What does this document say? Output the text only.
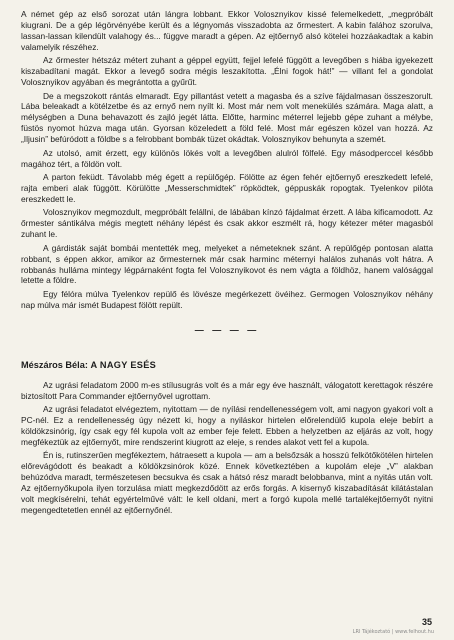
A német gép az első sorozat után lángra lobbant. Ekkor Volosznyikov kissé felemelkedett, „megpróbált kiugrani. De a gép légörvényébe került és a légnyomás visszadobta az őrmestert. A kabin falához szorulva, lassan-lassan kilendült valahogy és... függve maradt a gépen. Az ejtőernyő alsó kötelei hozzáakadtak a kabin valamelyik részéhez.

Az őrmester hétszáz métert zuhant a géppel együtt, fejjel lefelé függött a levegőben s hiába igyekezett kiszabadítani magát. Ekkor a levegő sodra mégis leszakította. „Élni fogok hát!” — villant fel a gondolat Volosznyikov agyában és megrántotta a gyűrűt.

De a megszokott rántás elmaradt. Egy pillantást vetett a magasba és a szíve fájdalmasan összeszorult. Lába beleakadt a kötélzetbe és az ernyő nem nyílt ki. Most már nem volt menekülés számára. Maga alatt, a mélységben a Duna behavazott és zajló jegét látta. Előtte, harminc méterrel lejjebb gépe zuhant a mélybe, füstös nyomot húzva maga után. Gyorsan közeledett a föld felé. Most már egészen közel van hozzá. Az „Iljusin” befúródott a földbe s a felrobbant bombák tüzet okádtak. Volosznyikov behunyta a szemét.

Az utolsó, amit érzett, egy különös lökés volt a levegőben alulról fölfelé. Egy másodperccel később magához tért, a földön volt.

A parton feküdt. Távolabb még égett a repülőgép. Fölötte az égen fehér ejtőernyő ereszkedett lefelé, rajta emberi alak függött. Körülötte „Messerschmidtek” röpködtek, géppuskák ropogtak. Tyelenkov pilóta ereszkedett le.

Volosznyikov megmozdult, megpróbált felállni, de lábában kínzó fájdalmat érzett. A lába kificamodott. Az őrmester sántikálva mégis megtett néhány lépést és csak akkor eszmélt rá, hogy kétezer méter magasból zuhant le.

A gárdisták saját bombái mentették meg, melyeket a németeknek szánt. A repülőgép pontosan alatta robbant, s éppen akkor, amikor az őrmesternek már csak harminc méternyi halálos zuhanás volt hátra. A robbanás hulláma mintegy légpárnaként fogta fel Volosznyikovot és nem vágta a földhöz, hanem valósággal letette a földre.

Egy félóra múlva Tyelenkov repülő és lövésze megérkezett övéihez. Germogen Volosznyikov néhány nap múlva már ismét Budapest fölött repült.

— — — —
Mészáros Béla: A NAGY ESÉS

Az ugrási feladatom 2000 m-es stílusugrás volt és a már egy éve használt, válogatott kerettagok részére biztosított Para Commander ejtőernyővel ugrottam.

Az ugrási feladatot elvégeztem, nyitottam — de nyílási rendellenességem volt, ami nagyon gyakori volt a PC-nél. Ez a rendellenesség úgy nézett ki, hogy a nyiláskor hirtelen előrelendülő kupola eleje bebírt a köldökzsinórig, így csak egy fél kupola volt az ember feje felett. Ebben a helyzetben az eljárás az volt, hogy megfékeztük az ejtőernyőt, mire rendszerint kiugrott az eleje, s rendes alakot vett fel a kupola.

Én is, rutinszerűen megfékeztem, hátraesett a kupola — am a belsőzsák a hosszú felkötőkötélen hirtelen előrevágódott és beakadt a köldökzsinórok közé. Ennek következtében a kupolám eleje „V” alakban behúzódva maradt, természetesen becsukva és csak a hátsó rész maradt belobbanva, mint a nyitás után volt. Az ejtőernyőkupola ilyen torzulása miatt megkezdődött az erős forgás. A kisernyő kiszabadítását kilátástalan volt megkísérelni, tehát egyértelművé vált: le kell oldani, mert a forgó kupola mellé tartalékejtőernyőt nyitni megengedtetetlen ennél az ejtőernyőnél.

35
LRI Tájékoztató | www.felhout.hu
